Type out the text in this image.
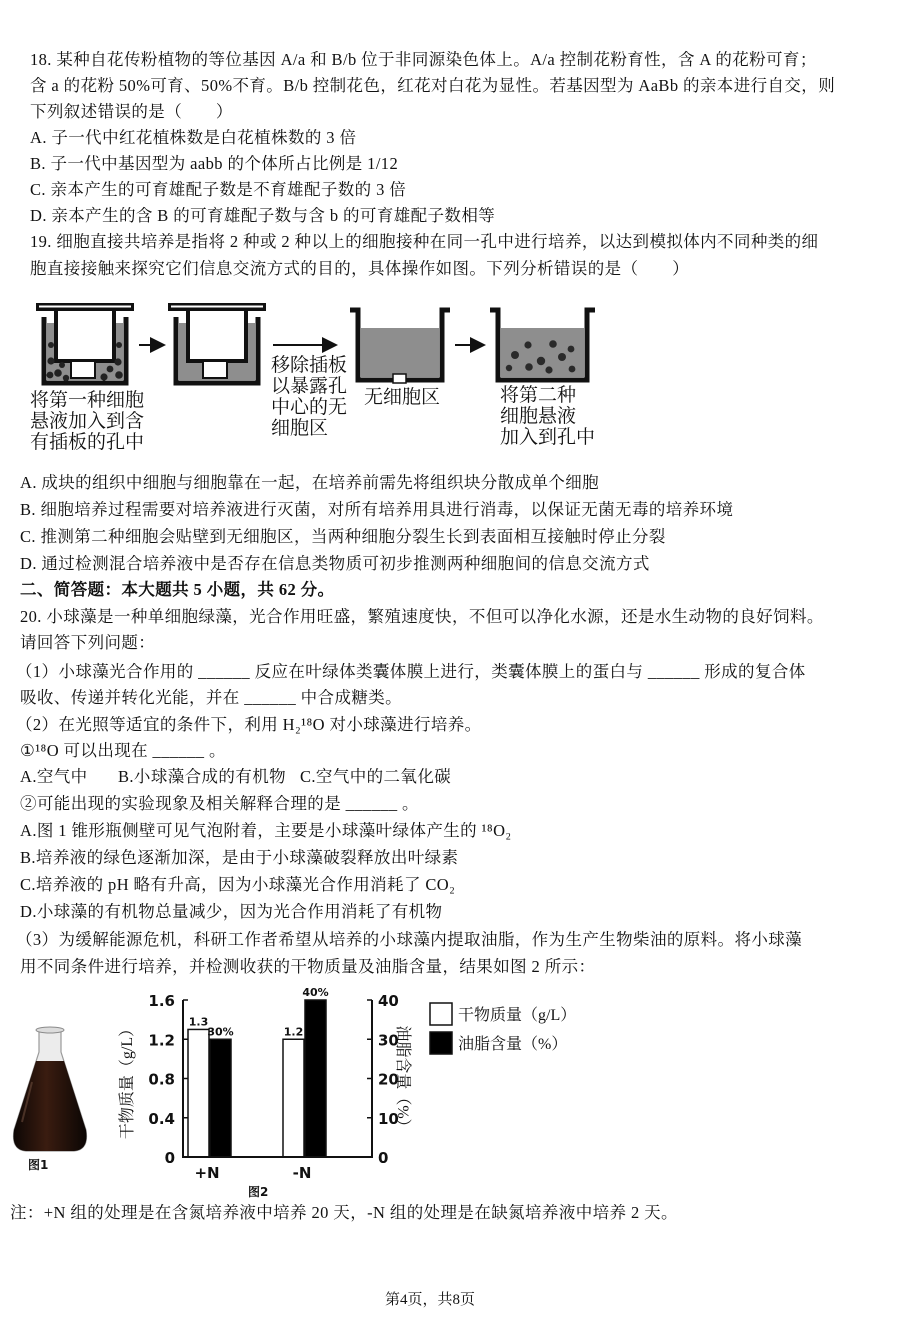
18. 某种自花传粉植物的等位基因 A/a 和 B/b 位于非同源染色体上。A/a 控制花粉育性，含 A 的花粉可育；
含 a 的花粉 50%可育、50%不育。B/b 控制花色，红花对白花为显性。若基因型为 AaBb 的亲本进行自交，则
下列叙述错误的是（　　）
A. 子一代中红花植株数是白花植株数的 3 倍
B. 子一代中基因型为 aabb 的个体所占比例是 1/12
C. 亲本产生的可育雄配子数是不育雄配子数的 3 倍
D. 亲本产生的含 B 的可育雄配子数与含 b 的可育雄配子数相等
19. 细胞直接共培养是指将 2 种或 2 种以上的细胞接种在同一孔中进行培养，以达到模拟体内不同种类的细
胞直接接触来探究它们信息交流方式的目的，具体操作如图。下列分析错误的是（　　）
将第一种细胞
悬液加入到含
有插板的孔中
移除插板
以暴露孔
中心的无
细胞区
无细胞区	将第二种
细胞悬液
加入到孔中
A. 成块的组织中细胞与细胞靠在一起，在培养前需先将组织块分散成单个细胞
B. 细胞培养过程需要对培养液进行灭菌，对所有培养用具进行消毒，以保证无菌无毒的培养环境
C. 推测第二种细胞会贴壁到无细胞区，当两种细胞分裂生长到表面相互接触时停止分裂
D. 通过检测混合培养液中是否存在信息类物质可初步推测两种细胞间的信息交流方式
二、简答题：本大题共 5 小题，共 62 分。
20. 小球藻是一种单细胞绿藻，光合作用旺盛，繁殖速度快，不但可以净化水源，还是水生动物的良好饲料。
请回答下列问题：
（1）小球藻光合作用的 ______ 反应在叶绿体类囊体膜上进行，类囊体膜上的蛋白与 ______ 形成的复合体
吸收、传递并转化光能，并在 ______ 中合成糖类。
（2）在光照等适宜的条件下，利用 H₂¹⁸O 对小球藻进行培养。
①¹⁸O 可以出现在 ______ 。
A.空气中 B.小球藻合成的有机物 C.空气中的二氧化碳
②可能出现的实验现象及相关解释合理的是 ______ 。
A.图 1 锥形瓶侧壁可见气泡附着，主要是小球藻叶绿体产生的 ¹⁸O₂
B.培养液的绿色逐渐加深，是由于小球藻破裂释放出叶绿素
C.培养液的 pH 略有升高，因为小球藻光合作用消耗了 CO₂
D.小球藻的有机物总量减少，因为光合作用消耗了有机物
（3）为缓解能源危机，科研工作者希望从培养的小球藻内提取油脂，作为生产生物柴油的原料。将小球藻
用不同条件进行培养，并检测收获的干物质量及油脂含量，结果如图 2 所示：
图1
干物质量（g/L）	油脂含量（%）
干物质量（g/L）
油脂含量（%）
图2
1.3
30%
+N
1.2
40%
-N
0
0.4
0.8
1.2
1.6
0
10
20
30
40
注：+N 组的处理是在含氮培养液中培养 20 天，-N 组的处理是在缺氮培养液中培养 2 天。
第4页，共8页
